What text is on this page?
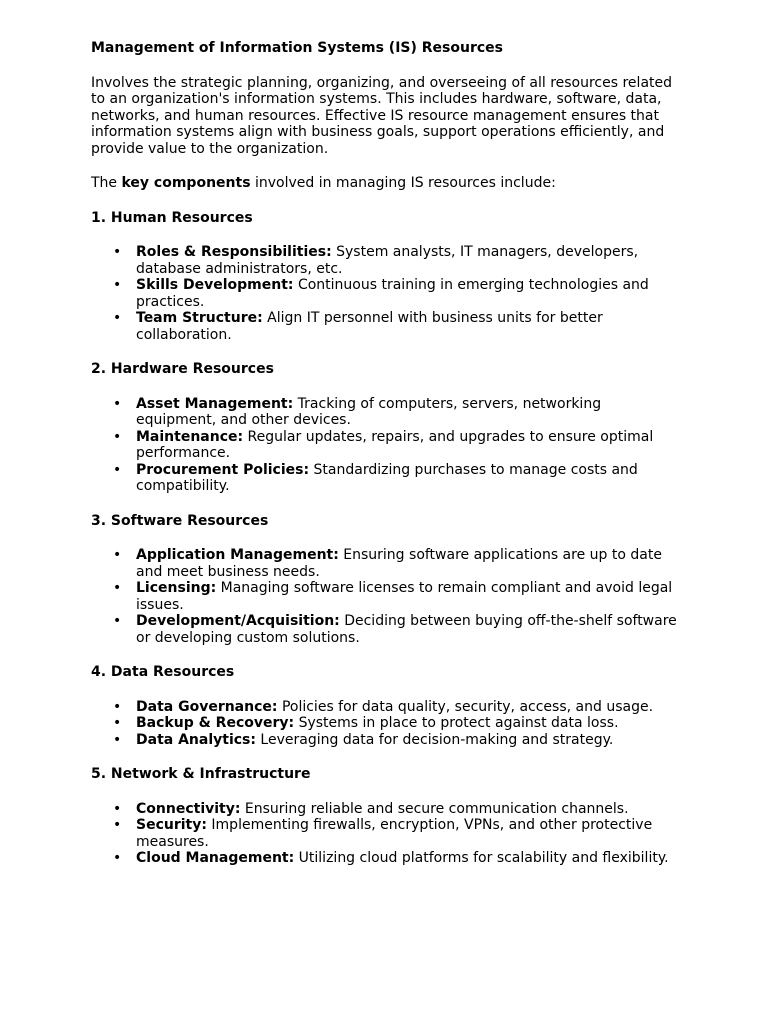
Management of Information Systems (IS) Resources

Involves the strategic planning, organizing, and overseeing of all resources related to an organization's information systems. This includes hardware, software, data, networks, and human resources. Effective IS resource management ensures that information systems align with business goals, support operations efficiently, and provide value to the organization.

The key components involved in managing IS resources include:

1. Human Resources

• Roles & Responsibilities: System analysts, IT managers, developers, database administrators, etc.
• Skills Development: Continuous training in emerging technologies and practices.
• Team Structure: Align IT personnel with business units for better collaboration.

2. Hardware Resources

• Asset Management: Tracking of computers, servers, networking equipment, and other devices.
• Maintenance: Regular updates, repairs, and upgrades to ensure optimal performance.
• Procurement Policies: Standardizing purchases to manage costs and compatibility.

3. Software Resources

• Application Management: Ensuring software applications are up to date and meet business needs.
• Licensing: Managing software licenses to remain compliant and avoid legal issues.
• Development/Acquisition: Deciding between buying off-the-shelf software or developing custom solutions.

4. Data Resources

• Data Governance: Policies for data quality, security, access, and usage.
• Backup & Recovery: Systems in place to protect against data loss.
• Data Analytics: Leveraging data for decision-making and strategy.

5. Network & Infrastructure

• Connectivity: Ensuring reliable and secure communication channels.
• Security: Implementing firewalls, encryption, VPNs, and other protective measures.
• Cloud Management: Utilizing cloud platforms for scalability and flexibility.
